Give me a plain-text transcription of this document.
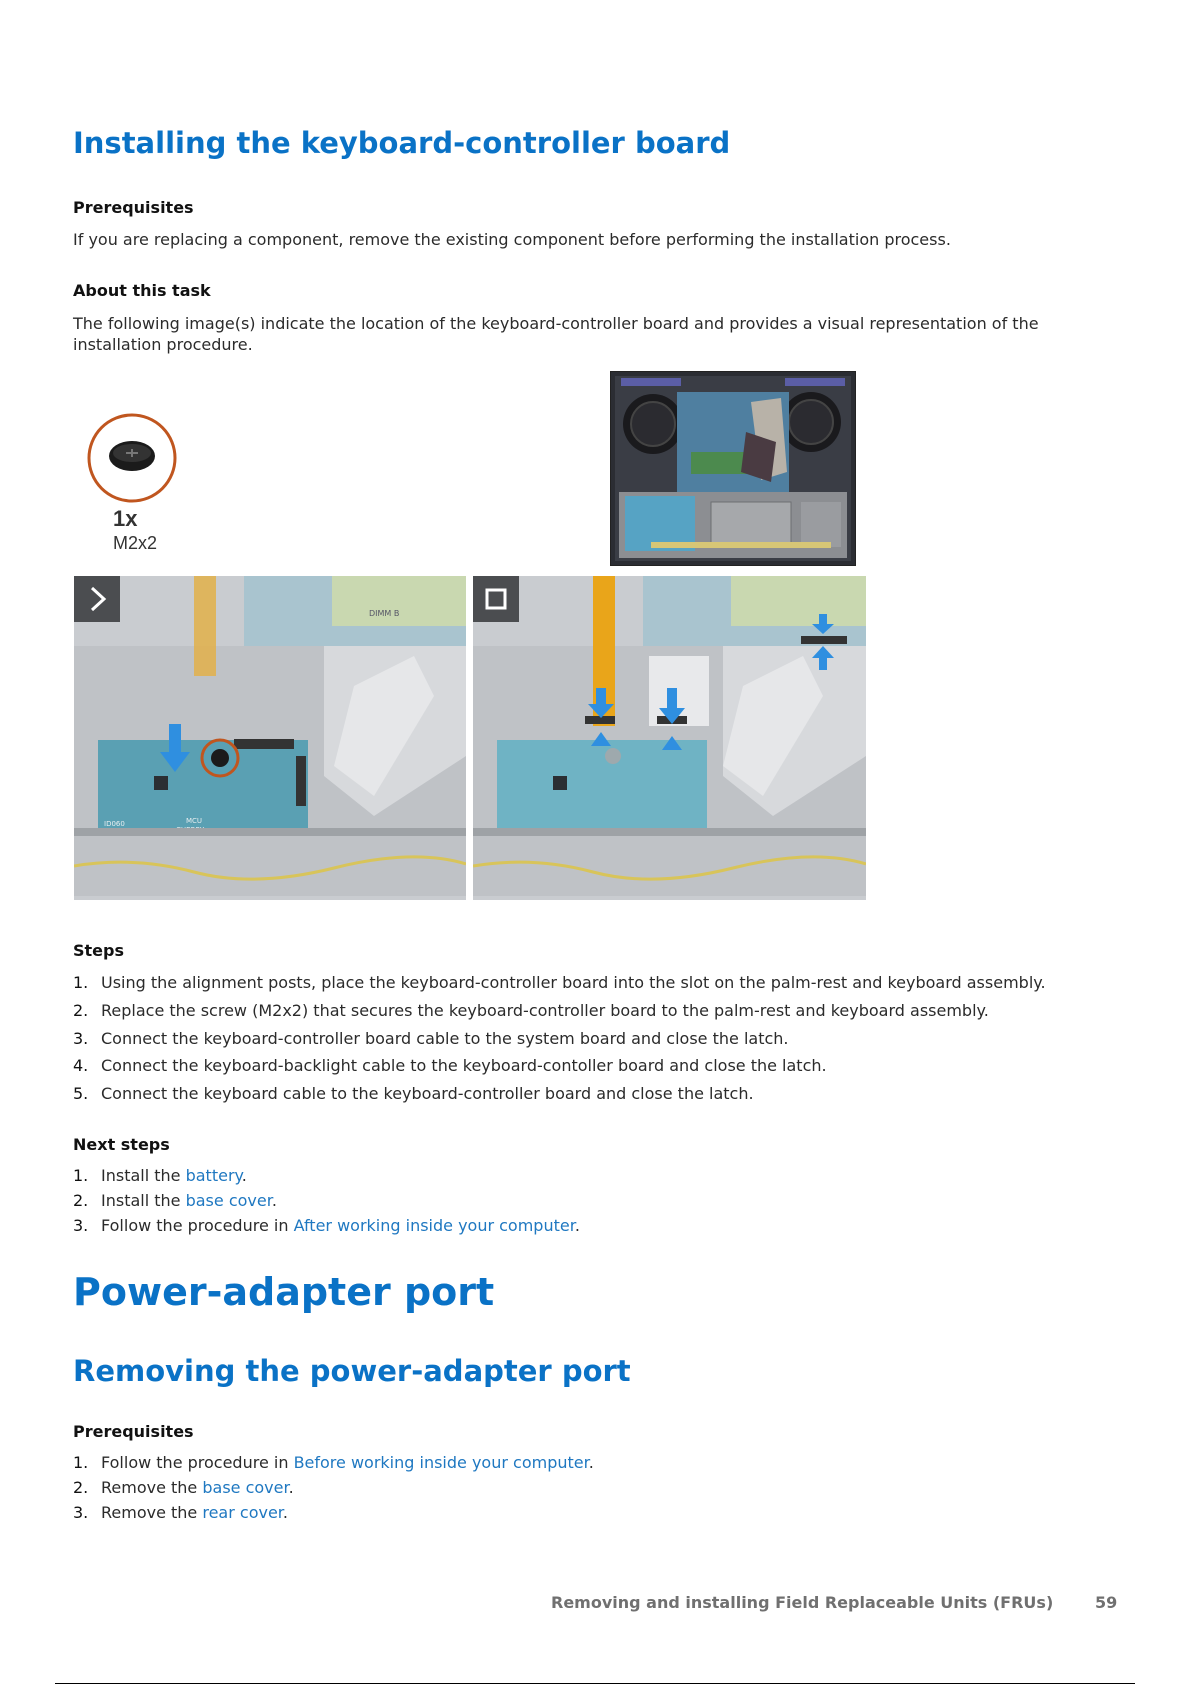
Installing the keyboard-controller board

Prerequisites

If you are replacing a component, remove the existing component before performing the installation process.

About this task

The following image(s) indicate the location of the keyboard-controller board and provides a visual representation of the installation procedure.

1x
M2x2
DIMM B
ID060	MCU

Steps

1. Using the alignment posts, place the keyboard-controller board into the slot on the palm-rest and keyboard assembly.
2. Replace the screw (M2x2) that secures the keyboard-controller board to the palm-rest and keyboard assembly.
3. Connect the keyboard-controller board cable to the system board and close the latch.
4. Connect the keyboard-backlight cable to the keyboard-contoller board and close the latch.
5. Connect the keyboard cable to the keyboard-controller board and close the latch.

Next steps

1. Install the battery.
2. Install the base cover.
3. Follow the procedure in After working inside your computer.
Power-adapter port
Removing the power-adapter port

Prerequisites

1. Follow the procedure in Before working inside your computer.
2. Remove the base cover.
3. Remove the rear cover.
Removing and installing Field Replaceable Units (FRUs)	59
